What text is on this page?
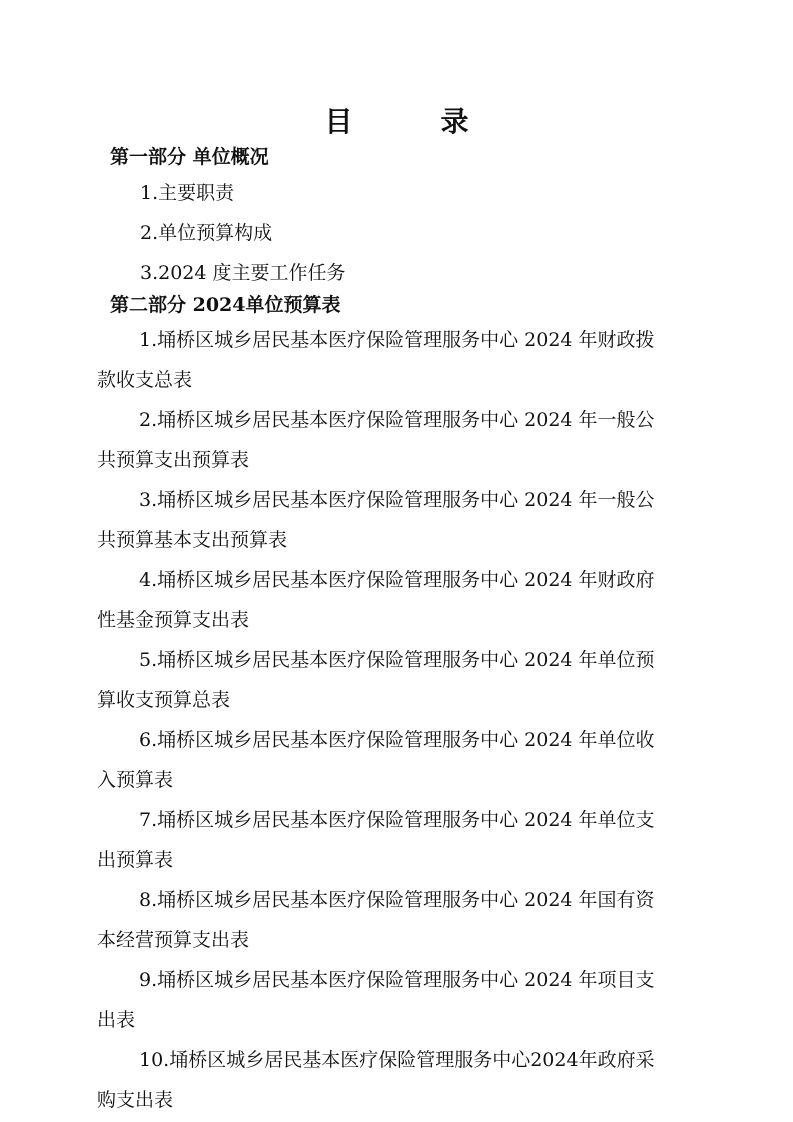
目　录
第一部分 单位概况
1.主要职责
2.单位预算构成
3.2024 度主要工作任务
第二部分 2024单位预算表
1.埇桥区城乡居民基本医疗保险管理服务中心 2024 年财政拨
款收支总表
2.埇桥区城乡居民基本医疗保险管理服务中心 2024 年一般公
共预算支出预算表
3.埇桥区城乡居民基本医疗保险管理服务中心 2024 年一般公
共预算基本支出预算表
4.埇桥区城乡居民基本医疗保险管理服务中心 2024 年财政府
性基金预算支出表
5.埇桥区城乡居民基本医疗保险管理服务中心 2024 年单位预
算收支预算总表
6.埇桥区城乡居民基本医疗保险管理服务中心 2024 年单位收
入预算表
7.埇桥区城乡居民基本医疗保险管理服务中心 2024 年单位支
出预算表
8.埇桥区城乡居民基本医疗保险管理服务中心 2024 年国有资
本经营预算支出表
9.埇桥区城乡居民基本医疗保险管理服务中心 2024 年项目支
出表
10.埇桥区城乡居民基本医疗保险管理服务中心2024年政府采
购支出表
